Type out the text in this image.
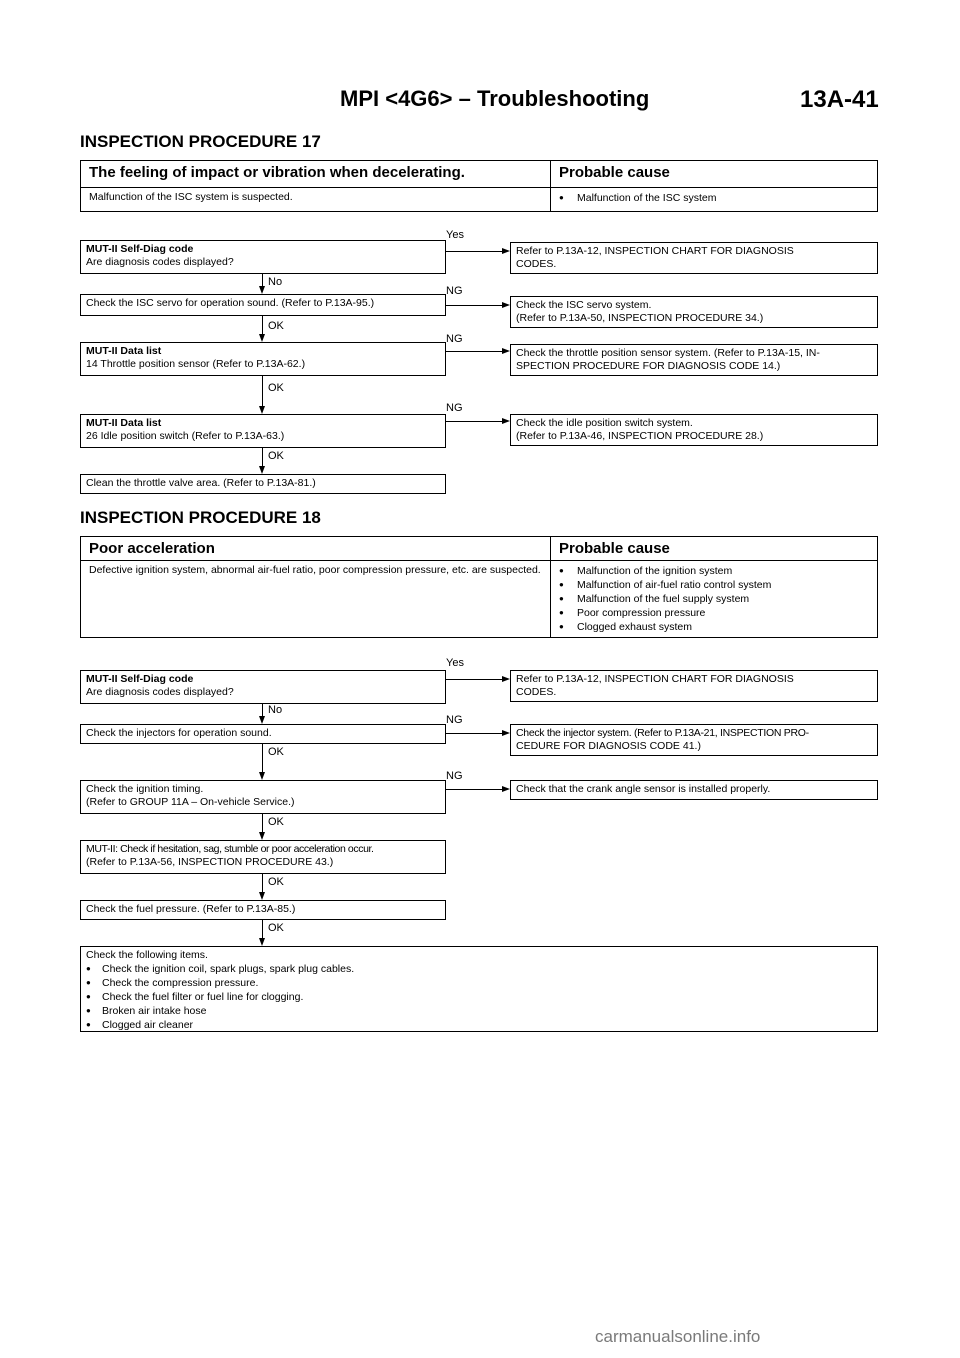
MPI <4G6> – Troubleshooting	13A-41
INSPECTION PROCEDURE 17
The feeling of impact or vibration when decelerating.	Probable cause
Malfunction of the ISC system is suspected.	● Malfunction of the ISC system
MUT-II Self-Diag code
Are diagnosis codes displayed?
Check the ISC servo for operation sound. (Refer to P.13A-95.)
MUT-II Data list
14 Throttle position sensor (Refer to P.13A-62.)
MUT-II Data list
26 Idle position switch (Refer to P.13A-63.)
Clean the throttle valve area. (Refer to P.13A-81.)
Refer to P.13A-12, INSPECTION CHART FOR DIAGNOSIS
CODES.
Check the ISC servo system.
(Refer to P.13A-50, INSPECTION PROCEDURE 34.)
Check the throttle position sensor system. (Refer to P.13A-15, IN-
SPECTION PROCEDURE FOR DIAGNOSIS CODE 14.)
Check the idle position switch system.
(Refer to P.13A-46, INSPECTION PROCEDURE 28.)
Yes
NG
NG
NG
No
OK
OK
OK
INSPECTION PROCEDURE 18
Poor acceleration	Probable cause
Defective ignition system, abnormal air-fuel ratio, poor compression pressure, etc. are suspected.	● Malfunction of the ignition system
● Malfunction of air-fuel ratio control system
● Malfunction of the fuel supply system
● Poor compression pressure
● Clogged exhaust system
MUT-II Self-Diag code
Are diagnosis codes displayed?
Check the injectors for operation sound.
Check the ignition timing.
(Refer to GROUP 11A – On-vehicle Service.)
MUT-II: Check if hesitation, sag, stumble or poor acceleration occur.
(Refer to P.13A-56, INSPECTION PROCEDURE 43.)
Check the fuel pressure. (Refer to P.13A-85.)
Refer to P.13A-12, INSPECTION CHART FOR DIAGNOSIS
CODES.
Check the injector system. (Refer to P.13A-21, INSPECTION PRO-
CEDURE FOR DIAGNOSIS CODE 41.)
Check that the crank angle sensor is installed properly.
Yes
NG
NG
No
OK
OK
OK
OK
Check the following items.
● Check the ignition coil, spark plugs, spark plug cables.
● Check the compression pressure.
● Check the fuel filter or fuel line for clogging.
● Broken air intake hose
● Clogged air cleaner
carmanualsonline.info
